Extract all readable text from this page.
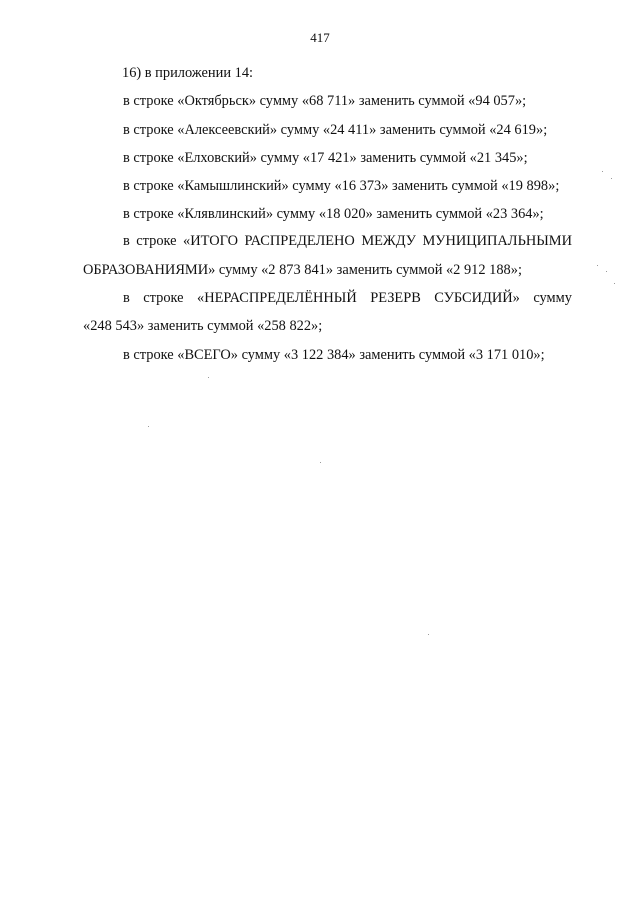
417
16) в приложении 14:
в строке «Октябрьск» сумму «68 711» заменить суммой «94 057»;
в строке «Алексеевский» сумму «24 411» заменить суммой «24 619»;
в строке «Елховский» сумму «17 421» заменить суммой «21 345»;
в строке «Камышлинский» сумму «16 373» заменить суммой «19 898»;
в строке «Клявлинский» сумму «18 020» заменить суммой «23 364»;
в строке «ИТОГО РАСПРЕДЕЛЕНО МЕЖДУ МУНИЦИПАЛЬНЫМИ
ОБРАЗОВАНИЯМИ» сумму «2 873 841» заменить суммой «2 912 188»;
в строке «НЕРАСПРЕДЕЛЁННЫЙ РЕЗЕРВ СУБСИДИЙ» сумму
«248 543» заменить суммой «258 822»;
в строке «ВСЕГО» сумму «3 122 384» заменить суммой «3 171 010»;
